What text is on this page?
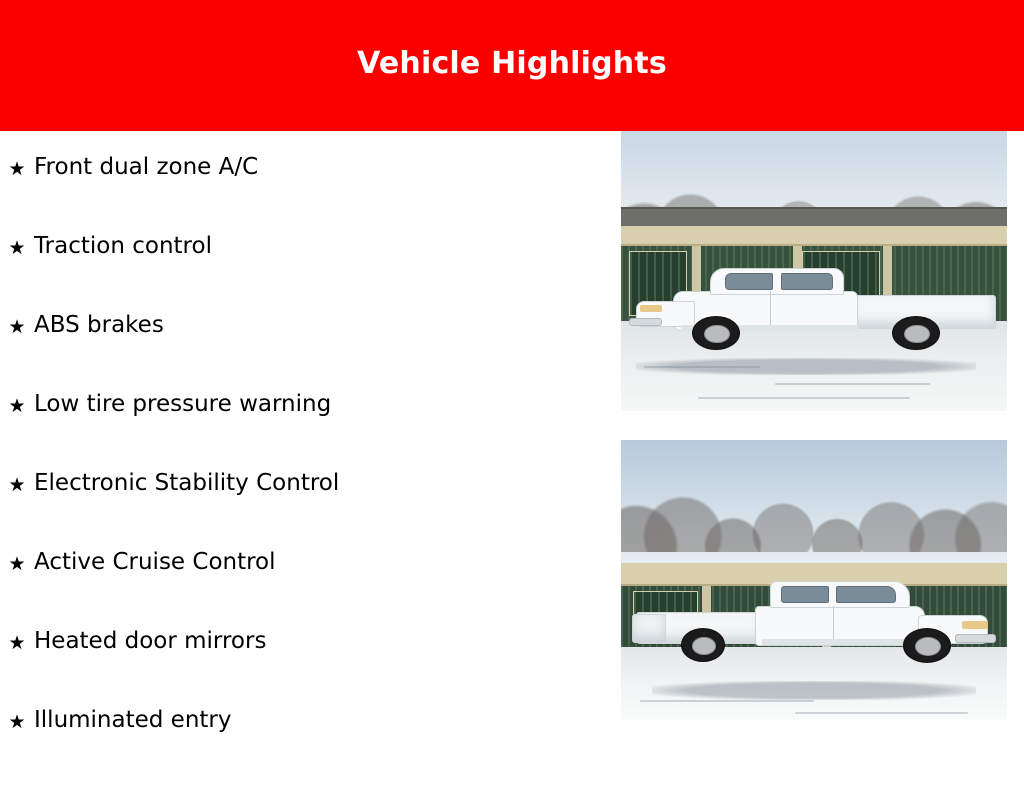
Vehicle Highlights
★ Front dual zone A/C
★ Traction control
★ ABS brakes
★ Low tire pressure warning
★ Electronic Stability Control
★ Active Cruise Control
★ Heated door mirrors
★ Illuminated entry
